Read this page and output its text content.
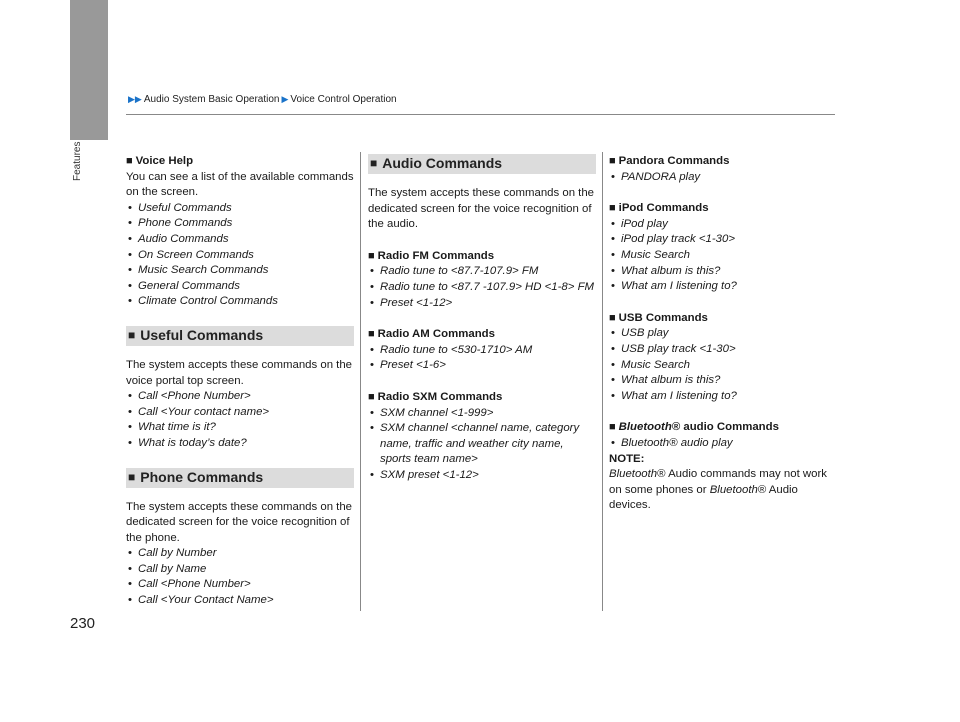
Features
▶▶ Audio System Basic Operation ▶ Voice Control Operation
■ Voice Help
You can see a list of the available commands on the screen.
• Useful Commands
• Phone Commands
• Audio Commands
• On Screen Commands
• Music Search Commands
• General Commands
• Climate Control Commands
■ Useful Commands
The system accepts these commands on the voice portal top screen.
• Call <Phone Number>
• Call <Your contact name>
• What time is it?
• What is today’s date?
■ Phone Commands
The system accepts these commands on the dedicated screen for the voice recognition of the phone.
• Call by Number
• Call by Name
• Call <Phone Number>
• Call <Your Contact Name>
■ Audio Commands
The system accepts these commands on the dedicated screen for the voice recognition of the audio.
■ Radio FM Commands
• Radio tune to <87.7-107.9> FM
• Radio tune to <87.7 -107.9> HD <1-8> FM
• Preset <1-12>
■ Radio AM Commands
• Radio tune to <530-1710> AM
• Preset <1-6>
■ Radio SXM Commands
• SXM channel <1-999>
• SXM channel <channel name, category name, traffic and weather city name, sports team name>
• SXM preset <1-12>
■ Pandora Commands
• PANDORA play
■ iPod Commands
• iPod play
• iPod play track <1-30>
• Music Search
• What album is this?
• What am I listening to?
■ USB Commands
• USB play
• USB play track <1-30>
• Music Search
• What album is this?
• What am I listening to?
■ Bluetooth® audio Commands
• Bluetooth® audio play
NOTE:
Bluetooth® Audio commands may not work on some phones or Bluetooth® Audio devices.
230
